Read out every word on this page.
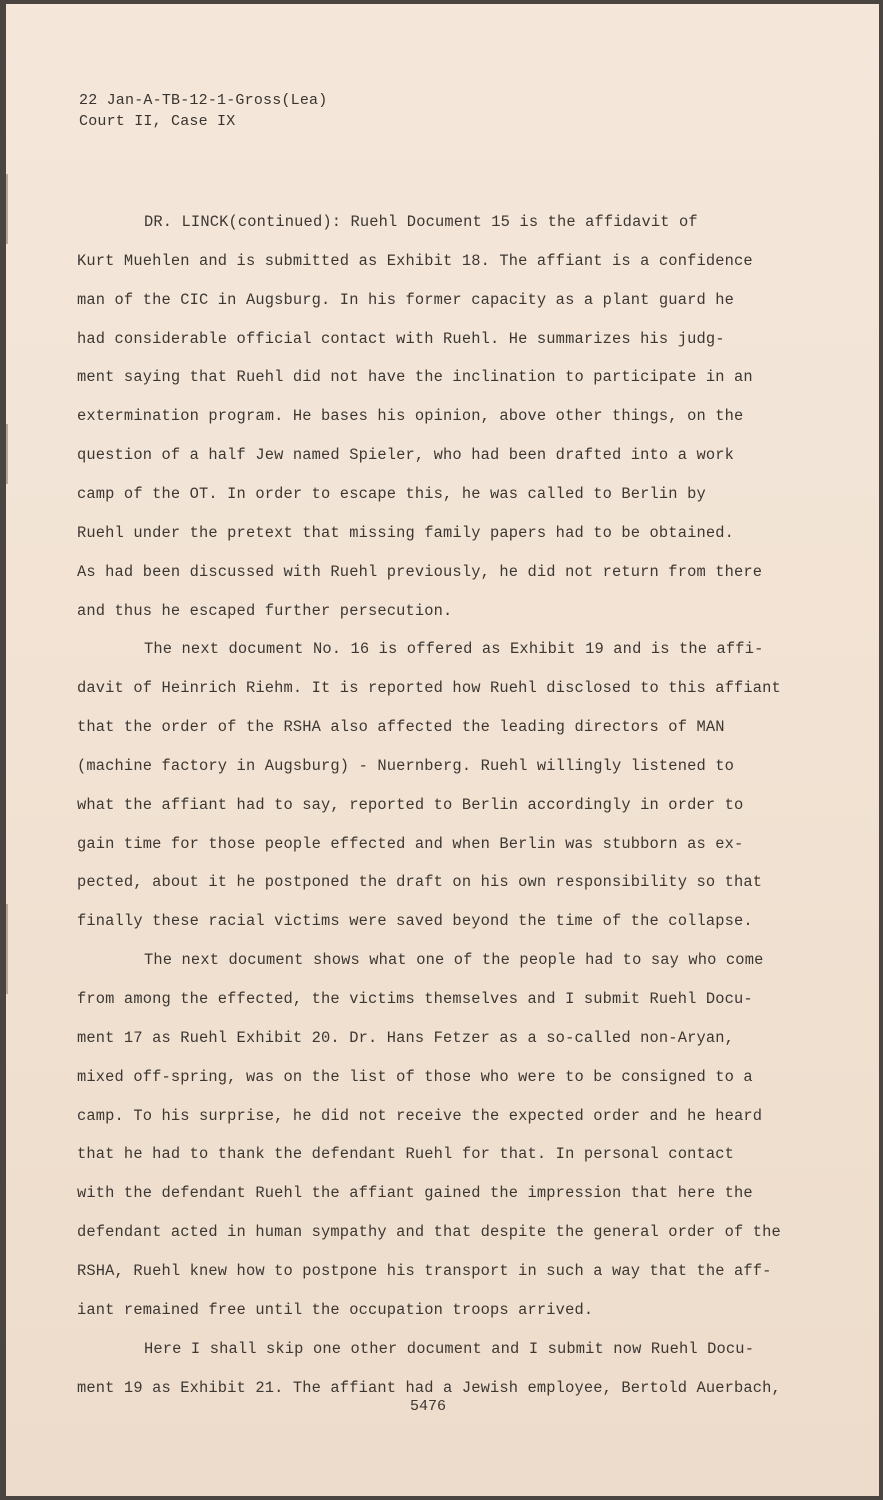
22 Jan-A-TB-12-1-Gross(Lea)
Court II, Case IX
DR. LINCK(continued): Ruehl Document 15 is the affidavit of
Kurt Muehlen and is submitted as Exhibit 18. The affiant is a confidence
man of the CIC in Augsburg. In his former capacity as a plant guard he
had considerable official contact with Ruehl. He summarizes his judg-
ment saying that Ruehl did not have the inclination to participate in an
extermination program. He bases his opinion, above other things, on the
question of a half Jew named Spieler, who had been drafted into a work
camp of the OT. In order to escape this, he was called to Berlin by
Ruehl under the pretext that missing family papers had to be obtained.
As had been discussed with Ruehl previously, he did not return from there
and thus he escaped further persecution.
The next document No. 16 is offered as Exhibit 19 and is the affi-
davit of Heinrich Riehm. It is reported how Ruehl disclosed to this affiant
that the order of the RSHA also affected the leading directors of MAN
(machine factory in Augsburg) - Nuernberg. Ruehl willingly listened to
what the affiant had to say, reported to Berlin accordingly in order to
gain time for those people effected and when Berlin was stubborn as ex-
pected, about it he postponed the draft on his own responsibility so that
finally these racial victims were saved beyond the time of the collapse.
The next document shows what one of the people had to say who come
from among the effected, the victims themselves and I submit Ruehl Docu-
ment 17 as Ruehl Exhibit 20. Dr. Hans Fetzer as a so-called non-Aryan,
mixed off-spring, was on the list of those who were to be consigned to a
camp. To his surprise, he did not receive the expected order and he heard
that he had to thank the defendant Ruehl for that. In personal contact
with the defendant Ruehl the affiant gained the impression that here the
defendant acted in human sympathy and that despite the general order of the
RSHA, Ruehl knew how to postpone his transport in such a way that the aff-
iant remained free until the occupation troops arrived.
Here I shall skip one other document and I submit now Ruehl Docu-
ment 19 as Exhibit 21. The affiant had a Jewish employee, Bertold Auerbach,
5476
